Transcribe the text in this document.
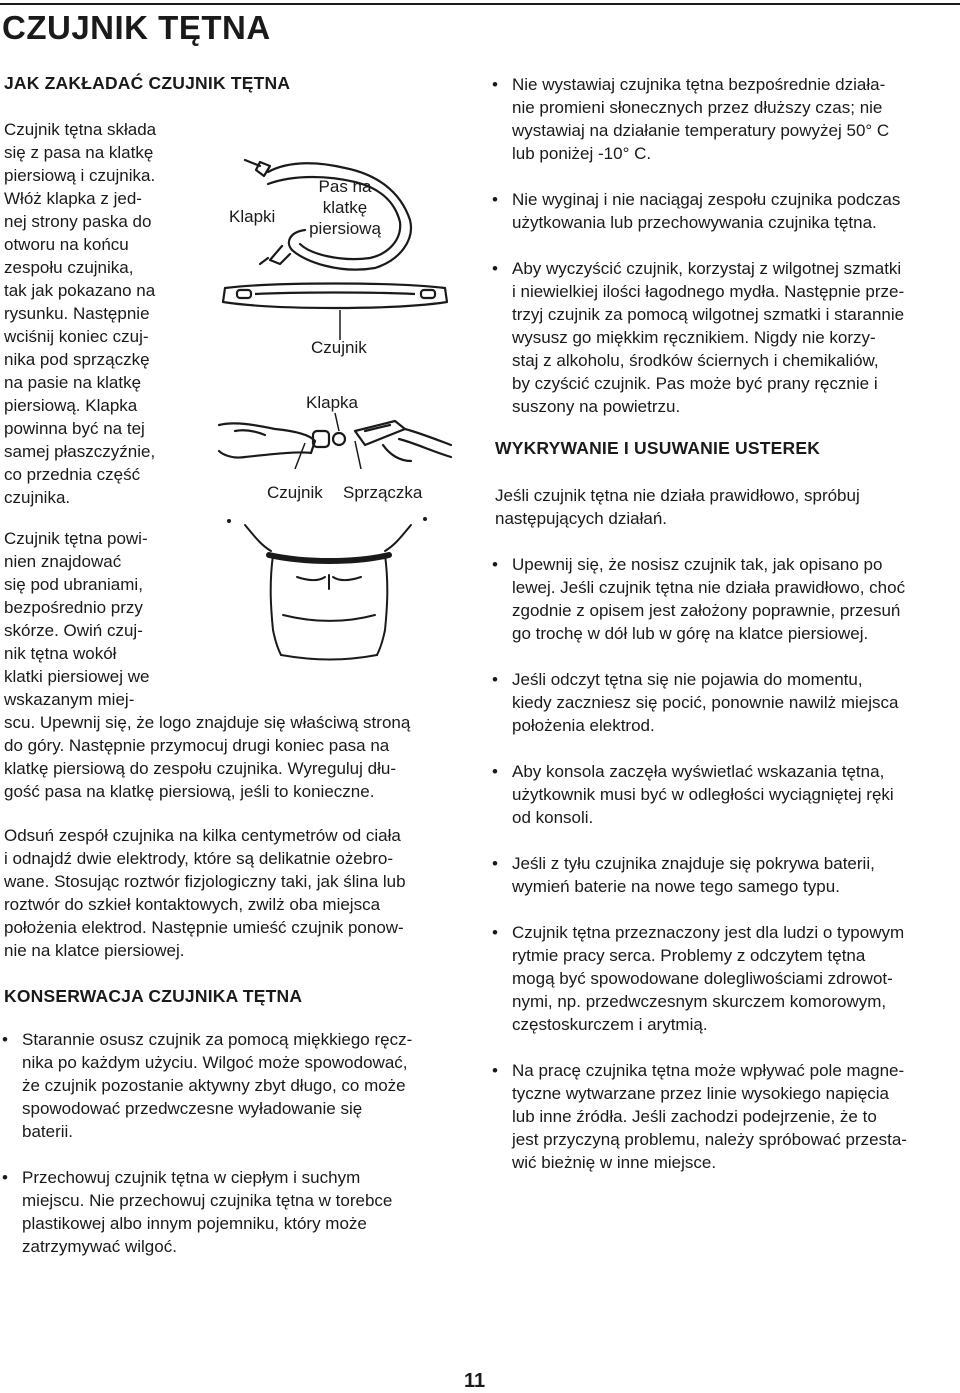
CZUJNIK TĘTNA
JAK ZAKŁADAĆ CZUJNIK TĘTNA
Czujnik tętna składa
się z pasa na klatkę
piersiową i czujnika.
Włóż klapka z jed-
nej strony paska do
otworu na końcu
zespołu czujnika,
tak jak pokazano na
rysunku. Następnie
wciśnij koniec czuj-
nika pod sprzączkę
na pasie na klatkę
piersiową. Klapka
powinna być na tej
samej płaszczyźnie,
co przednia część
czujnika.
Czujnik tętna powi-
nien znajdować
się pod ubraniami,
bezpośrednio przy
skórze. Owiń czuj-
nik tętna wokół
klatki piersiowej we
wskazanym miej-
scu. Upewnij się, że logo znajduje się właściwą stroną
do góry. Następnie przymocuj drugi koniec pasa na
klatkę piersiową do zespołu czujnika. Wyreguluj dłu-
gość pasa na klatkę piersiową, jeśli to konieczne.
Odsuń zespół czujnika na kilka centymetrów od ciała
i odnajdź dwie elektrody, które są delikatnie ożebro-
wane. Stosując roztwór fizjologiczny taki, jak ślina lub
roztwór do szkieł kontaktowych, zwilż oba miejsca
położenia elektrod. Następnie umieść czujnik ponow-
nie na klatce piersiowej.
KONSERWACJA CZUJNIKA TĘTNA
• Starannie osusz czujnik za pomocą miękkiego ręcz-
nika po każdym użyciu. Wilgoć może spowodować,
że czujnik pozostanie aktywny zbyt długo, co może
spowodować przedwczesne wyładowanie się
baterii.
• Przechowuj czujnik tętna w ciepłym i suchym
miejscu. Nie przechowuj czujnika tętna w torebce
plastikowej albo innym pojemniku, który może
zatrzymywać wilgoć.
Klapki
Pas na
klatkę
piersiową
Czujnik
Klapka
Czujnik Sprzączka
• Nie wystawiaj czujnika tętna bezpośrednie działa-
nie promieni słonecznych przez dłuższy czas; nie
wystawiaj na działanie temperatury powyżej 50° C
lub poniżej -10° C.
• Nie wyginaj i nie naciągaj zespołu czujnika podczas
użytkowania lub przechowywania czujnika tętna.
• Aby wyczyścić czujnik, korzystaj z wilgotnej szmatki
i niewielkiej ilości łagodnego mydła. Następnie prze-
trzyj czujnik za pomocą wilgotnej szmatki i starannie
wysusz go miękkim ręcznikiem. Nigdy nie korzy-
staj z alkoholu, środków ściernych i chemikaliów,
by czyścić czujnik. Pas może być prany ręcznie i
suszony na powietrzu.
WYKRYWANIE I USUWANIE USTEREK
Jeśli czujnik tętna nie działa prawidłowo, spróbuj
następujących działań.
• Upewnij się, że nosisz czujnik tak, jak opisano po
lewej. Jeśli czujnik tętna nie działa prawidłowo, choć
zgodnie z opisem jest założony poprawnie, przesuń
go trochę w dół lub w górę na klatce piersiowej.
• Jeśli odczyt tętna się nie pojawia do momentu,
kiedy zaczniesz się pocić, ponownie nawilż miejsca
położenia elektrod.
• Aby konsola zaczęła wyświetlać wskazania tętna,
użytkownik musi być w odległości wyciągniętej ręki
od konsoli.
• Jeśli z tyłu czujnika znajduje się pokrywa baterii,
wymień baterie na nowe tego samego typu.
• Czujnik tętna przeznaczony jest dla ludzi o typowym
rytmie pracy serca. Problemy z odczytem tętna
mogą być spowodowane dolegliwościami zdrowot-
nymi, np. przedwczesnym skurczem komorowym,
częstoskurczem i arytmią.
• Na pracę czujnika tętna może wpływać pole magne-
tyczne wytwarzane przez linie wysokiego napięcia
lub inne źródła. Jeśli zachodzi podejrzenie, że to
jest przyczyną problemu, należy spróbować przesta-
wić bieżnię w inne miejsce.
11
